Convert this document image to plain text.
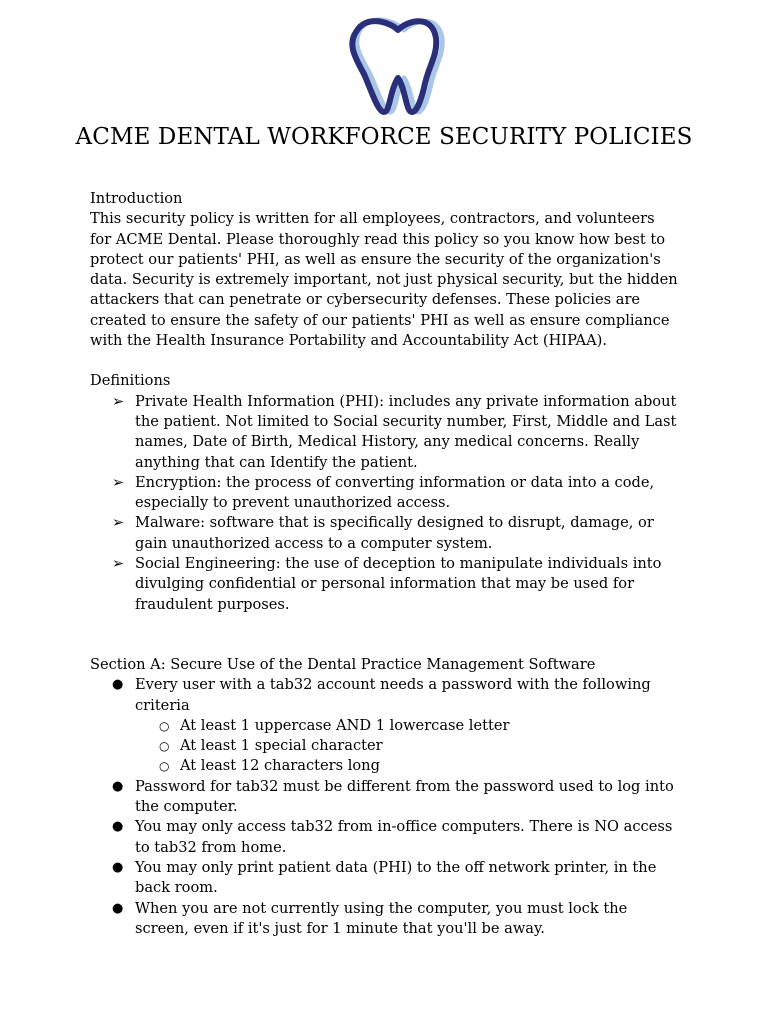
ACME DENTAL WORKFORCE SECURITY POLICIES

Introduction

This security policy is written for all employees, contractors, and volunteers for ACME Dental. Please thoroughly read this policy so you know how best to protect our patients' PHI, as well as ensure the security of the organization's data. Security is extremely important, not just physical security, but the hidden attackers that can penetrate or cybersecurity defenses. These policies are created to ensure the safety of our patients' PHI as well as ensure compliance with the Health Insurance Portability and Accountability Act (HIPAA).

Definitions

➢ Private Health Information (PHI): includes any private information about the patient. Not limited to Social security number, First, Middle and Last names, Date of Birth, Medical History, any medical concerns. Really anything that can Identify the patient.
➢ Encryption: the process of converting information or data into a code, especially to prevent unauthorized access.
➢ Malware: software that is specifically designed to disrupt, damage, or gain unauthorized access to a computer system.
➢ Social Engineering: the use of deception to manipulate individuals into divulging confidential or personal information that may be used for fraudulent purposes.

Section A: Secure Use of the Dental Practice Management Software

● Every user with a tab32 account needs a password with the following criteria
○ At least 1 uppercase AND 1 lowercase letter
○ At least 1 special character
○ At least 12 characters long
● Password for tab32 must be different from the password used to log into the computer.
● You may only access tab32 from in-office computers. There is NO access to tab32 from home.
● You may only print patient data (PHI) to the off network printer, in the back room.
● When you are not currently using the computer, you must lock the screen, even if it's just for 1 minute that you'll be away.
